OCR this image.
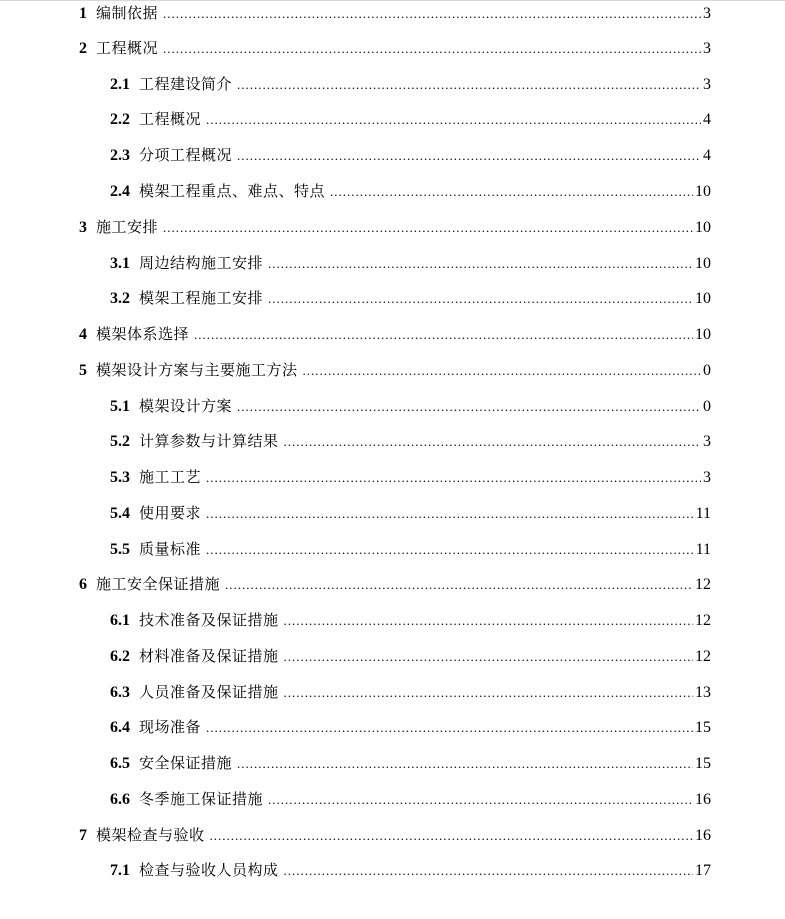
1 编制依据 .....	3
2 工程概况 .....	3
2.1 工程建设简介 .....	3
2.2 工程概况 .....	4
2.3 分项工程概况 .....	4
2.4 模架工程重点、难点、特点 .....	10
3 施工安排 .....	10
3.1 周边结构施工安排 .....	10
3.2 模架工程施工安排 .....	10
4 模架体系选择 .....	10
5 模架设计方案与主要施工方法 .....	0
5.1 模架设计方案 .....	0
5.2 计算参数与计算结果 .....	3
5.3 施工工艺 .....	3
5.4 使用要求 .....	11
5.5 质量标准 .....	11
6 施工安全保证措施 .....	12
6.1 技术准备及保证措施 .....	12
6.2 材料准备及保证措施 .....	12
6.3 人员准备及保证措施 .....	13
6.4 现场准备 .....	15
6.5 安全保证措施 .....	15
6.6 冬季施工保证措施 .....	16
7 模架检查与验收 .....	16
7.1 检查与验收人员构成 .....	17
